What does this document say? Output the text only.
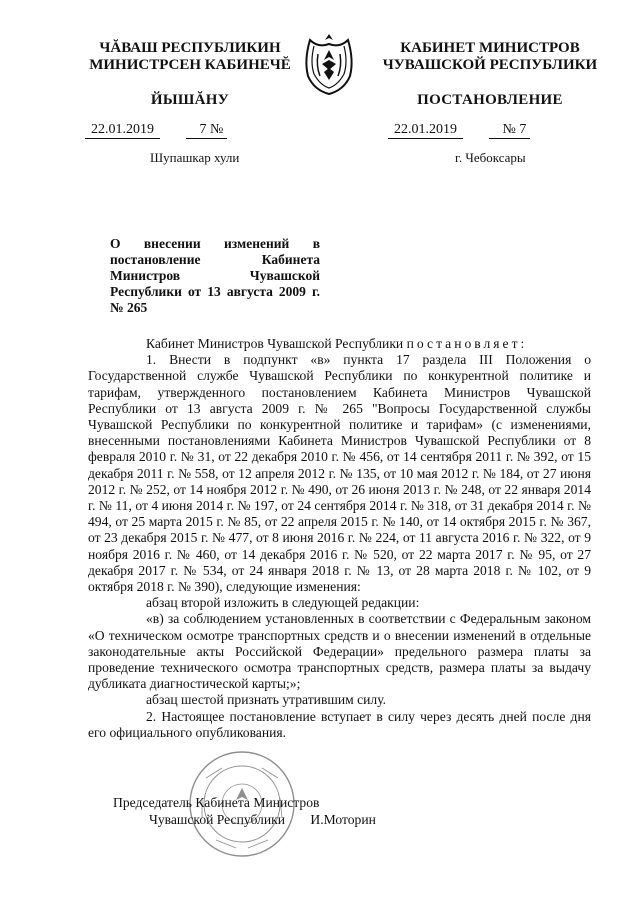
ЧĂВАШ РЕСПУБЛИКИН
МИНИСТРСЕН КАБИНЕЧĔ
ЙЫШĂНУ
КАБИНЕТ МИНИСТРОВ
ЧУВАШСКОЙ РЕСПУБЛИКИ
ПОСТАНОВЛЕНИЕ
22.01.2019	7 №	22.01.2019	№ 7
Шупашкар хули	г. Чебоксары
О внесении изменений в постановление Кабинета Министров Чувашской Республики от 13 августа 2009 г. № 265

Кабинет Министров Чувашской Республики постановляет:

1. Внести в подпункт «в» пункта 17 раздела III Положения о Государственной службе Чувашской Республики по конкурентной политике и тарифам, утвержденного постановлением Кабинета Министров Чувашской Республики от 13 августа 2009 г. № 265 "Вопросы Государственной службы Чувашской Республики по конкурентной политике и тарифам» (с изменениями, внесенными постановлениями Кабинета Министров Чувашской Республики от 8 февраля 2010 г. № 31, от 22 декабря 2010 г. № 456, от 14 сентября 2011 г. № 392, от 15 декабря 2011 г. № 558, от 12 апреля 2012 г. № 135, от 10 мая 2012 г. № 184, от 27 июня 2012 г. № 252, от 14 ноября 2012 г. № 490, от 26 июня 2013 г. № 248, от 22 января 2014 г. № 11, от 4 июня 2014 г. № 197, от 24 сентября 2014 г. № 318, от 31 декабря 2014 г. № 494, от 25 марта 2015 г. № 85, от 22 апреля 2015 г. № 140, от 14 октября 2015 г. № 367, от 23 декабря 2015 г. № 477, от 8 июня 2016 г. № 224, от 11 августа 2016 г. № 322, от 9 ноября 2016 г. № 460, от 14 декабря 2016 г. № 520, от 22 марта 2017 г. № 95, от 27 декабря 2017 г. № 534, от 24 января 2018 г. № 13, от 28 марта 2018 г. № 102, от 9 октября 2018 г. № 390), следующие изменения:

абзац второй изложить в следующей редакции:

«в) за соблюдением установленных в соответствии с Федеральным законом «О техническом осмотре транспортных средств и о внесении изменений в отдельные законодательные акты Российской Федерации» предельного размера платы за проведение технического осмотра транспортных средств, размера платы за выдачу дубликата диагностической карты;»;

абзац шестой признать утратившим силу.

2. Настоящее постановление вступает в силу через десять дней после дня его официального опубликования.

Председатель Кабинета Министров
Чувашской Республики И.Моторин
